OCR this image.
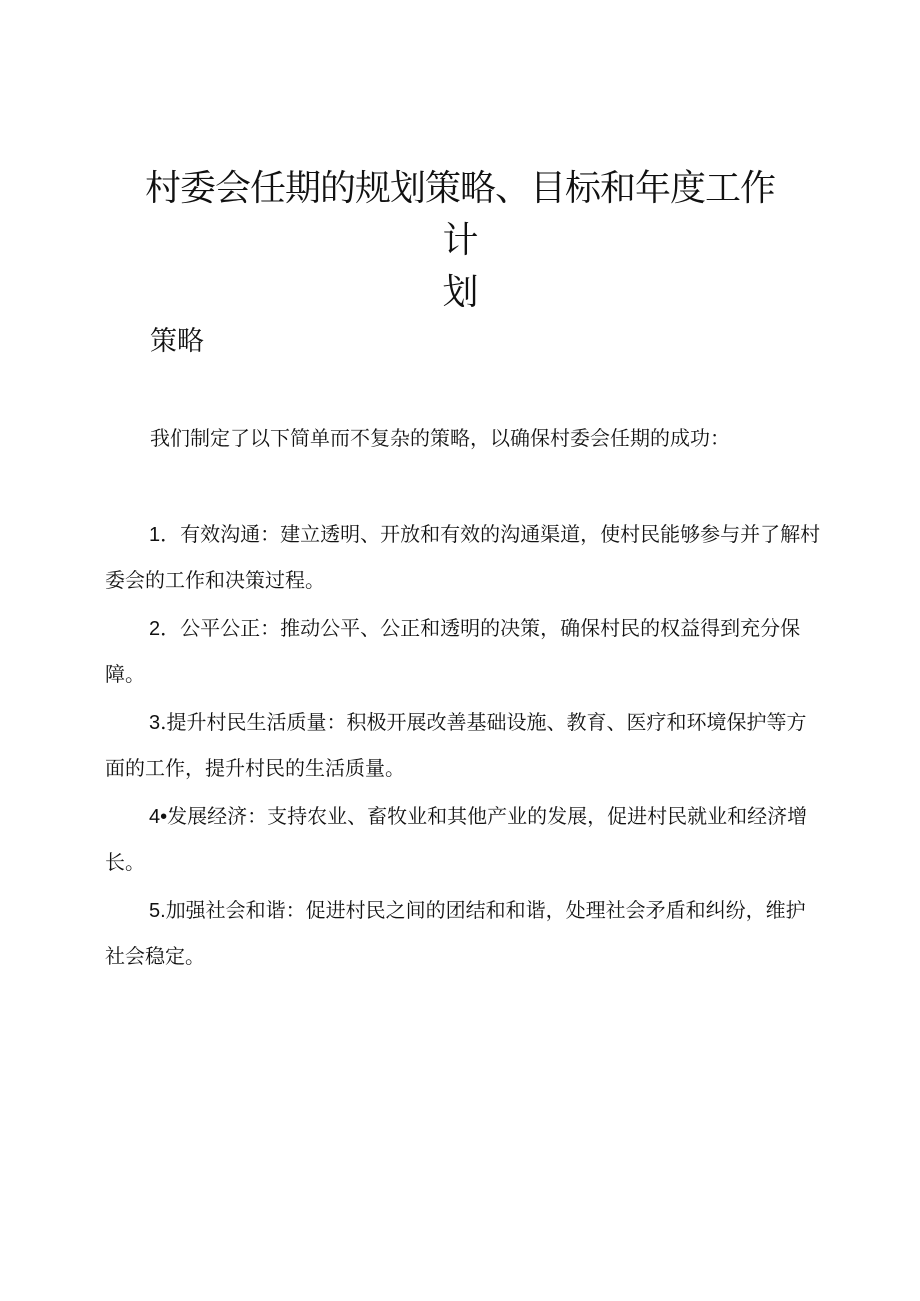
村委会任期的规划策略、目标和年度工作计
划
策略

我们制定了以下简单而不复杂的策略，以确保村委会任期的成功：

1．有效沟通：建立透明、开放和有效的沟通渠道，使村民能够参与并了解村委会的工作和决策过程。
2．公平公正：推动公平、公正和透明的决策，确保村民的权益得到充分保障。
3.提升村民生活质量：积极开展改善基础设施、教育、医疗和环境保护等方面的工作，提升村民的生活质量。
4•发展经济：支持农业、畜牧业和其他产业的发展，促进村民就业和经济增长。
5.加强社会和谐：促进村民之间的团结和和谐，处理社会矛盾和纠纷，维护社会稳定。
